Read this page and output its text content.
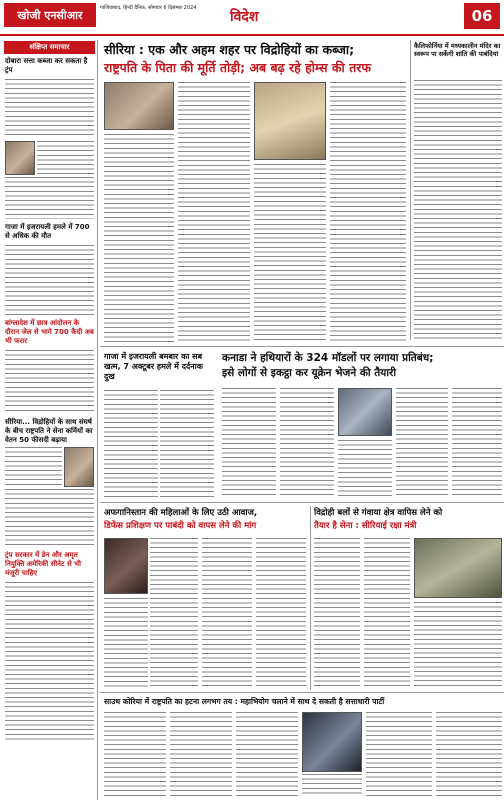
खोजी एनसीआर
गाजियाबाद, हिन्दी दैनिक, सोमवार 6 दिसम्बर 2024
विदेश	06
संक्षिप्त समाचार
दोबारा सत्ता कब्जा कर सकता है ट्रंप
गाजा में इजरायली हमले में 700 से अधिक की मौत
बांग्लादेश में छात्र आंदोलन के दौरान जेल से भागे 700 कैदी अब भी फरार
सीरिया... विद्रोहियों के साथ संघर्ष के बीच राष्ट्रपति ने सेना कर्मियों का वेतन 50 फीसदी बढ़ाया
ट्रंप सरकार में डेन और अमृत नियुक्ति अमेरिकी सीनेट से भी मंजूरी चाहिए
सीरिया : एक और अहम शहर पर विद्रोहियों का कब्जा;
राष्ट्रपति के पिता की मूर्ति तोड़ी; अब बढ़ रहे होम्स की तरफ
कैलिफोर्निया में मध्यकालीन मंदिर का स्वरूप पा सकेंगी शांति की पाबंदियां
गाजा में इजरायली बमबार का सब खत्म, 7 अक्टूबर हमले में दर्दनाक दुख
कनाडा ने हथियारों के 324 मॉडलों पर लगाया प्रतिबंध;
इसे लोगों से इकट्ठा कर यूक्रेन भेजने की तैयारी
अफगानिस्तान की महिलाओं के लिए उठी आवाज,
डिफेंस प्रशिक्षण पर पाबंदी को वापस लेने की मांग
विद्रोही बलों से गंवाया क्षेत्र वापिस लेने को
तैयार है सेना : सीरियाई रक्षा मंत्री
साउथ कोरिया में राष्ट्रपति का हटना लगभग तय : महाभियोग चलाने में साथ दे सकती है सत्ताधारी पार्टी
